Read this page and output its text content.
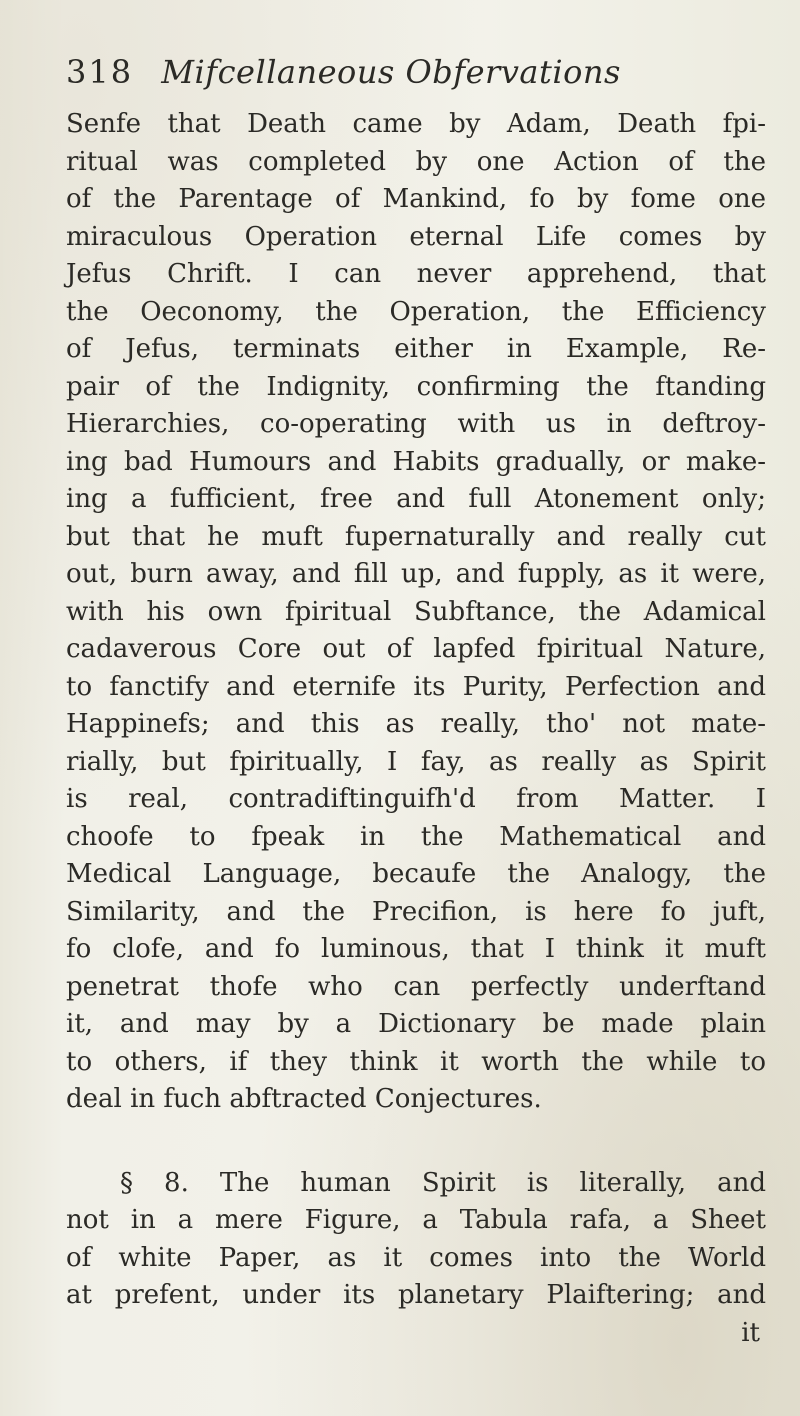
318 Mifcellaneous Obfervations
Senfe that Death came by Adam, Death fpi-
ritual was completed by one Action of the
of the Parentage of Mankind, fo by fome one
miraculous Operation eternal Life comes by
Jefus Chrift. I can never apprehend, that
the Oeconomy, the Operation, the Efficiency
of Jefus, terminats either in Example, Re-
pair of the Indignity, confirming the ftanding
Hierarchies, co-operating with us in deftroy-
ing bad Humours and Habits gradually, or make-
ing a fufficient, free and full Atonement only;
but that he muft fupernaturally and really cut
out, burn away, and fill up, and fupply, as it were,
with his own fpiritual Subftance, the Adamical
cadaverous Core out of lapfed fpiritual Nature,
to fanctify and eternife its Purity, Perfection and
Happinefs; and this as really, tho' not mate-
rially, but fpiritually, I fay, as really as Spirit
is real, contradiftinguifh'd from Matter. I
choofe to fpeak in the Mathematical and
Medical Language, becaufe the Analogy, the
Similarity, and the Precifion, is here fo juft,
fo clofe, and fo luminous, that I think it muft
penetrat thofe who can perfectly underftand
it, and may by a Dictionary be made plain
to others, if they think it worth the while to
deal in fuch abftracted Conjectures.
§ 8. The human Spirit is literally, and
not in a mere Figure, a Tabula rafa, a Sheet
of white Paper, as it comes into the World
at prefent, under its planetary Plaiftering; and
it
